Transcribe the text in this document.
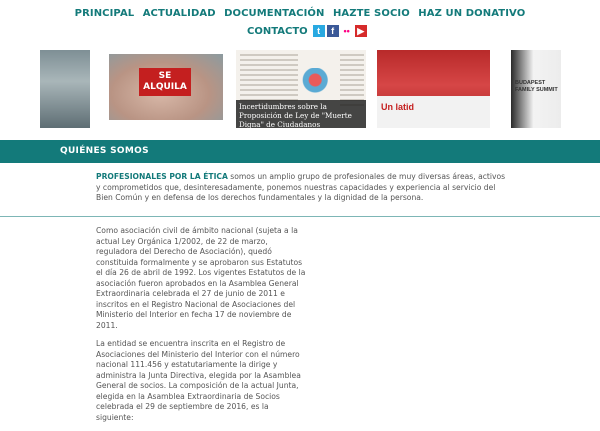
PRINCIPAL ACTUALIDAD DOCUMENTACIÓN HAZTE SOCIO HAZ UN DONATIVO
CONTACTO	t	f	•• ▶
SE ALQUILA
Incertidumbres sobre la Proposición de Ley de "Muerte Digna" de Ciudadanos
Un latid
BUDAPEST
FAMILY SUMMIT
QUIÉNES SOMOS
PROFESIONALES POR LA ÉTICA somos un amplio grupo de profesionales de muy diversas áreas, activos y comprometidos que, desinteresadamente, ponemos nuestras capacidades y experiencia al servicio del Bien Común y en defensa de los derechos fundamentales y la dignidad de la persona.

Como asociación civil de ámbito nacional (sujeta a la actual Ley Orgánica 1/2002, de 22 de marzo, reguladora del Derecho de Asociación), quedó constituida formalmente y se aprobaron sus Estatutos el día 26 de abril de 1992. Los vigentes Estatutos de la asociación fueron aprobados en la Asamblea General Extraordinaria celebrada el 27 de junio de 2011 e inscritos en el Registro Nacional de Asociaciones del Ministerio del Interior en fecha 17 de noviembre de 2011.

La entidad se encuentra inscrita en el Registro de Asociaciones del Ministerio del Interior con el número nacional 111.456 y estatutariamente la dirige y administra la Junta Directiva, elegida por la Asamblea General de socios. La composición de la actual Junta, elegida en la Asamblea Extraordinaria de Socios celebrada el 29 de septiembre de 2016, es la siguiente:
